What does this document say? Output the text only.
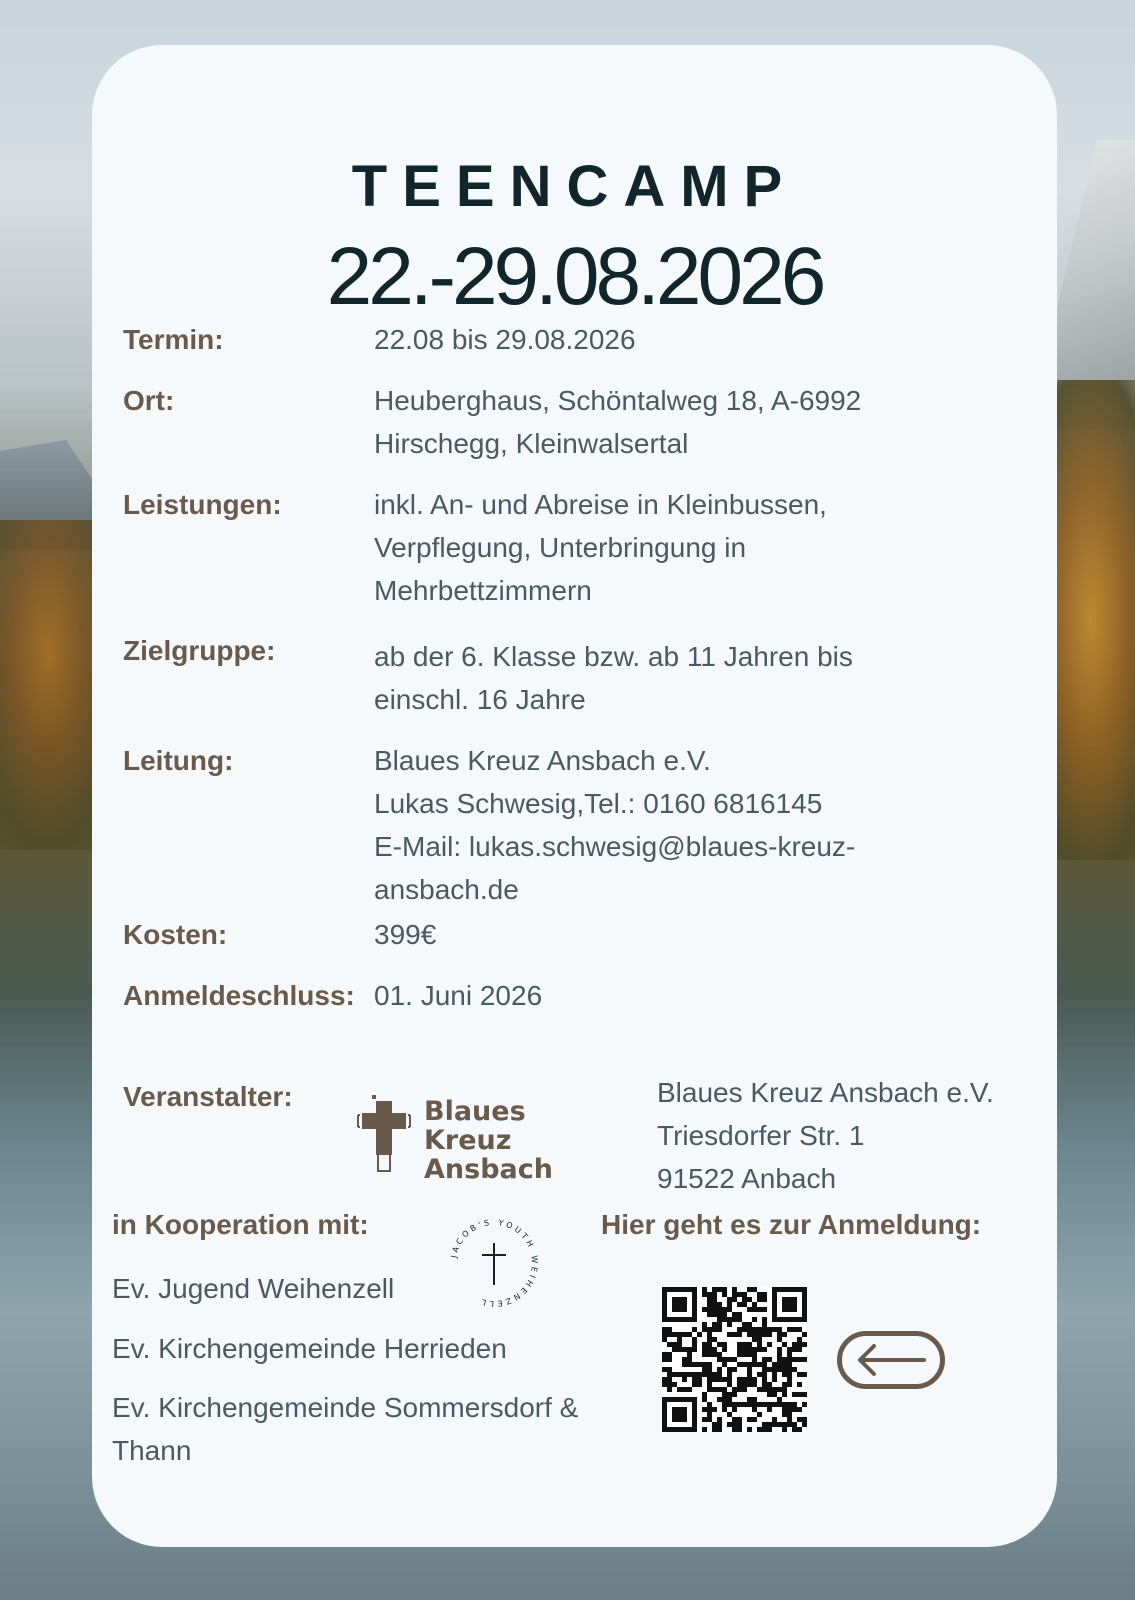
TEENCAMP
22.-29.08.2026
Termin:	22.08 bis 29.08.2026
Ort:	Heuberghaus, Schöntalweg 18, A-6992
Hirschegg, Kleinwalsertal
Leistungen:	inkl. An- und Abreise in Kleinbussen,
Verpflegung, Unterbringung in
Mehrbettzimmern
Zielgruppe:	ab der 6. Klasse bzw. ab 11 Jahren bis
einschl. 16 Jahre
Leitung:	Blaues Kreuz Ansbach e.V.
Lukas Schwesig,Tel.: 0160 6816145
E-Mail: lukas.schwesig@blaues-kreuz-
ansbach.de
Kosten:	399€
Anmeldeschluss: 01. Juni 2026
Veranstalter:	Blaues Kreuz
Ansbach
Blaues Kreuz Ansbach e.V.
Triesdorfer Str. 1
91522 Anbach
in Kooperation mit:
Ev. Jugend Weihenzell
Ev. Kirchengemeinde Herrieden
Ev. Kirchengemeinde Sommersdorf &
Thann
JACOB'S YOUTH WEIHENZELL
Hier geht es zur Anmeldung:
